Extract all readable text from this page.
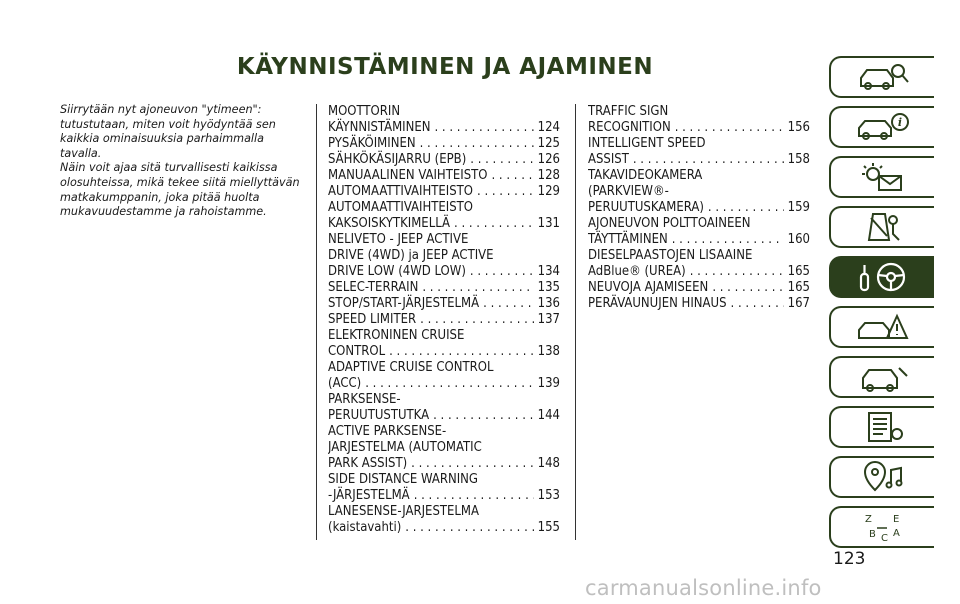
KÄYNNISTÄMINEN JA AJAMINEN

Siirrytään nyt ajoneuvon "ytimeen": tutustutaan, miten voit hyödyntää sen kaikkia ominaisuuksia parhaimmalla tavalla.

Näin voit ajaa sitä turvallisesti kaikissa olosuhteissa, mikä tekee siitä miellyttävän matkakumppanin, joka pitää huolta mukavuudestamme ja rahoistamme.

MOOTTORIN
KÄYNNISTÄMINEN . . .	124
PYSÄKÖIMINEN . . .	125
SÄHKÖKÄSIJARRU (EPB) . . .	126
MANUAALINEN VAIHTEISTO . . .	128
AUTOMAATTIVAIHTEISTO . . .	129
AUTOMAATTIVAIHTEISTO
KAKSOISKYTKIMELLÄ . . .	131
NELIVETO - JEEP ACTIVE
DRIVE (4WD) ja JEEP ACTIVE
DRIVE LOW (4WD LOW) . . .	134
SELEC-TERRAIN . . .	135
STOP/START-JÄRJESTELMÄ . . .	136
SPEED LIMITER . . .	137
ELEKTRONINEN CRUISE
CONTROL . . .	138
ADAPTIVE CRUISE CONTROL
(ACC) . . .	139
PARKSENSE-
PERUUTUSTUTKA . . .	144
ACTIVE PARKSENSE-
JÄRJESTELMÄ (AUTOMATIC
PARK ASSIST) . . .	148
SIDE DISTANCE WARNING
-JÄRJESTELMÄ . . .	153
LANESENSE-JÄRJESTELMÄ
(kaistavahti) . . .	155
TRAFFIC SIGN
RECOGNITION . . .	156
INTELLIGENT SPEED
ASSIST . . .	158
TAKAVIDEOKAMERA
(PARKVIEW®-
PERUUTUSKAMERA) . . .	159
AJONEUVON POLTTOAINEEN
TÄYTTÄMINEN . . .	160
DIESELPÄÄSTÖJEN LISÄAINE
AdBlue® (UREA) . . .	165
NEUVOJA AJAMISEEN . . .	165
PERÄVAUNUJEN HINAUS . . .	167
i
Z E
B C A
123
carmanualsonline.info
